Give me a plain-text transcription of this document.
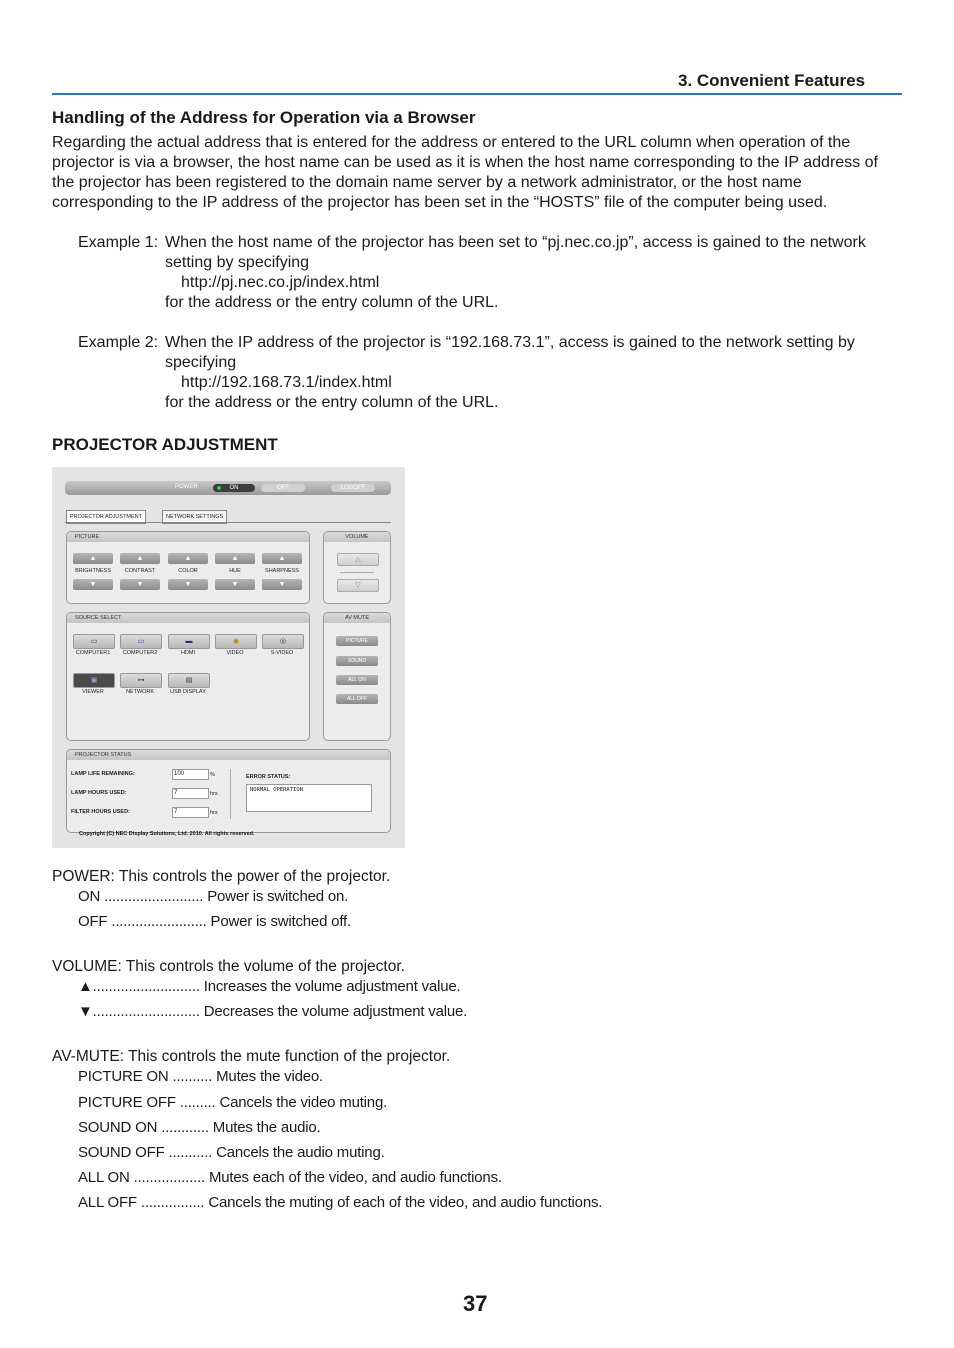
3. Convenient Features
Handling of the Address for Operation via a Browser
Regarding the actual address that is entered for the address or entered to the URL column when operation of the projector is via a browser, the host name can be used as it is when the host name corresponding to the IP address of the projector has been registered to the domain name server by a network administrator, or the host name corresponding to the IP address of the projector has been set in the “HOSTS” file of the computer being used.
Example 1: When the host name of the projector has been set to “pj.nec.co.jp”, access is gained to the network
setting by specifying
http://pj.nec.co.jp/index.html
for the address or the entry column of the URL.
Example 2: When the IP address of the projector is “192.168.73.1”, access is gained to the network setting by
specifying
http://192.168.73.1/index.html
for the address or the entry column of the URL.
PROJECTOR ADJUSTMENT
POWER	ON	OFF	LOGOFF
PROJECTOR ADJUSTMENT	NETWORK SETTINGS
PICTURE
▲	▲	▲	▲	▲
BRIGHTNESS	CONTRAST	COLOR	HUE	SHARPNESS
▼	▼	▼	▼	▼
VOLUME
△
▽
SOURCE SELECT
▭	▭	▬	◉	◎
COMPUTER1	COMPUTER2	HDMI	VIDEO	S-VIDEO
▣	⊶	▤
VIEWER	NETWORK	USB DISPLAY
AV MUTE
PICTURE
SOUND
ALL ON
ALL OFF
PROJECTOR STATUS
LAMP LIFE REMAINING:	100	%
LAMP HOURS USED:	7	hrs
FILTER HOURS USED:	7	hrs
ERROR STATUS:
NORMAL OPERATION
Copyright (C) NEC Display Solutions, Ltd. 2010. All rights reserved.
POWER: This controls the power of the projector.
ON ......................... Power is switched on.
OFF ........................ Power is switched off.
VOLUME: This controls the volume of the projector.
▲........................... Increases the volume adjustment value.
▼........................... Decreases the volume adjustment value.
AV-MUTE: This controls the mute function of the projector.
PICTURE ON .......... Mutes the video.
PICTURE OFF ......... Cancels the video muting.
SOUND ON ............ Mutes the audio.
SOUND OFF ........... Cancels the audio muting.
ALL ON .................. Mutes each of the video, and audio functions.
ALL OFF ................ Cancels the muting of each of the video, and audio functions.
37
